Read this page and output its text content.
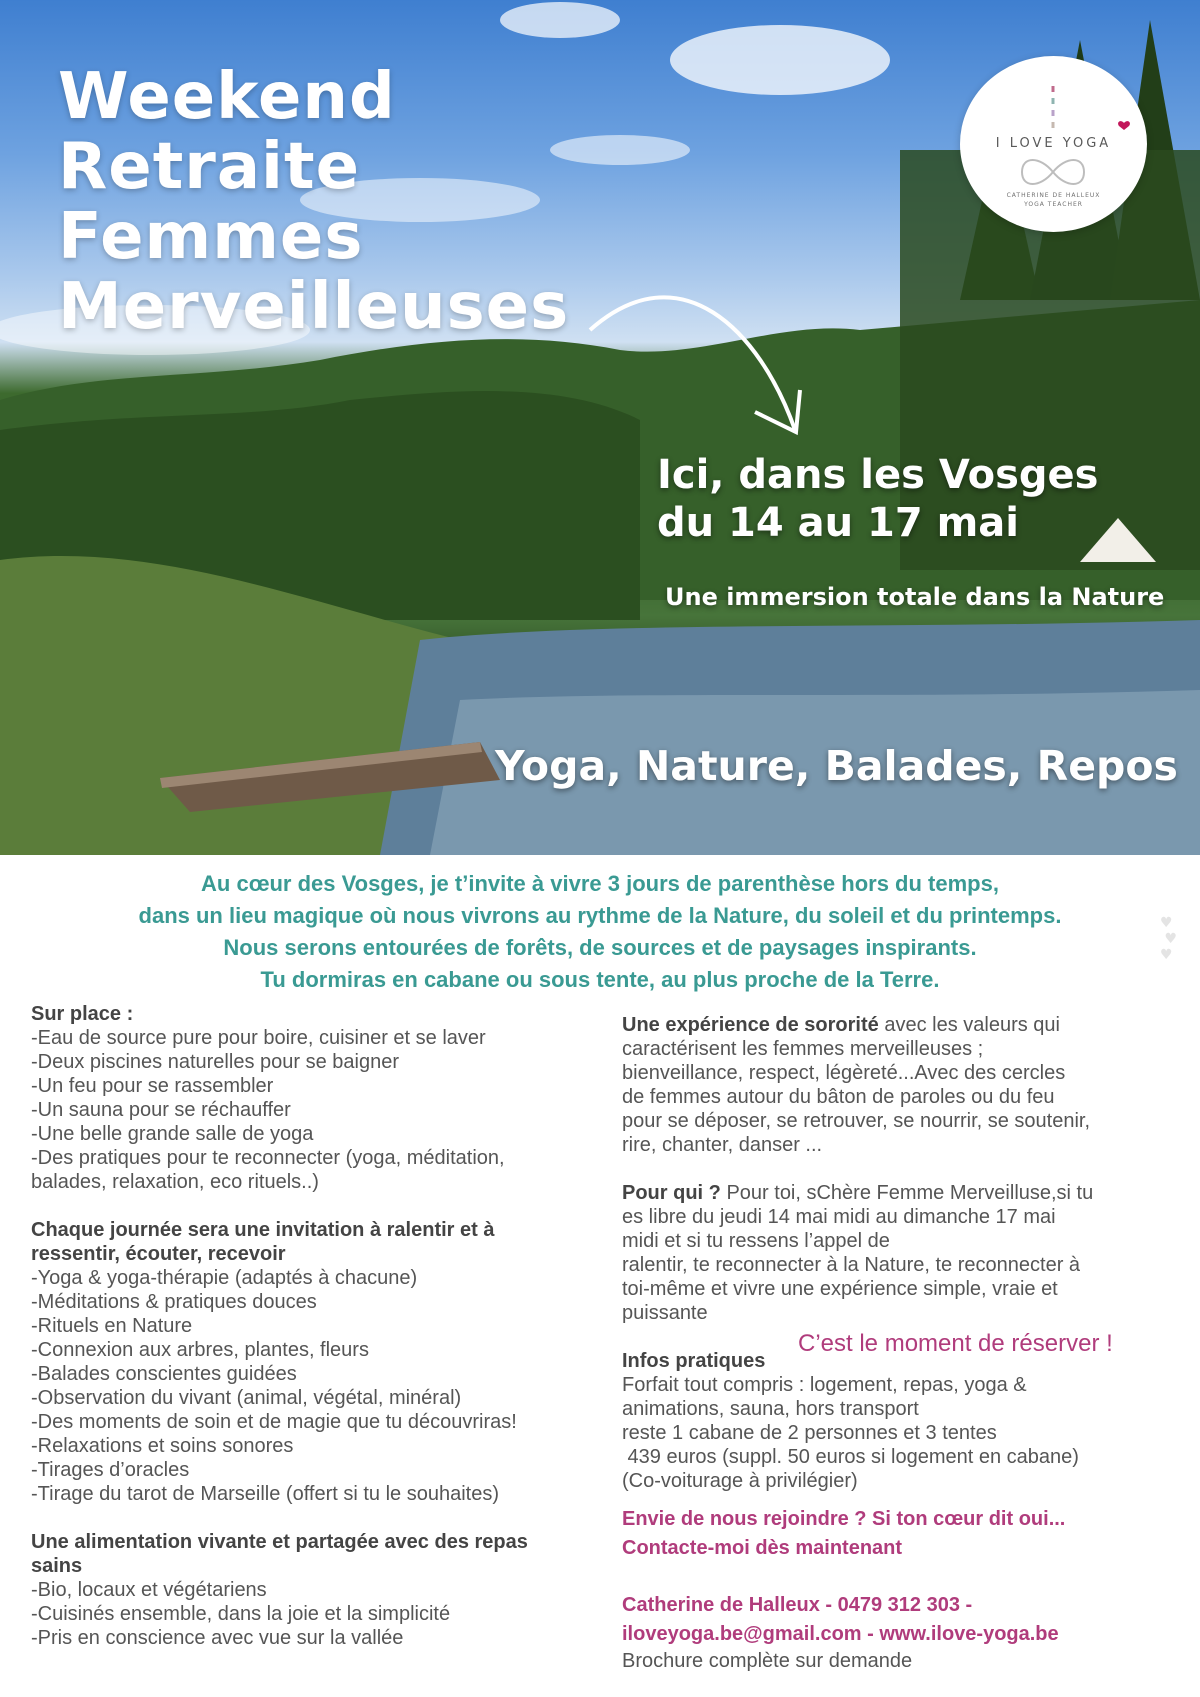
Weekend
Retraite
Femmes
Merveilleuses
I LOVE YOGA
CATHERINE DE HALLEUX
YOGA TEACHER
Ici, dans les Vosges
du 14 au 17 mai
Une immersion totale dans la Nature
Yoga, Nature, Balades, Repos
Au cœur des Vosges, je t’invite à vivre 3 jours de parenthèse hors du temps,
dans un lieu magique où nous vivrons au rythme de la Nature, du soleil et du printemps.
Nous serons entourées de forêts, de sources et de paysages inspirants.
Tu dormiras en cabane ou sous tente, au plus proche de la Terre.
♥
♥
♥
Sur place :
-Eau de source pure pour boire, cuisiner et se laver
-Deux piscines naturelles pour se baigner
-Un feu pour se rassembler
-Un sauna pour se réchauffer
-Une belle grande salle de yoga
-Des pratiques pour te reconnecter (yoga, méditation,
balades, relaxation, eco rituels..)
Chaque journée sera une invitation à ralentir et à
ressentir, écouter, recevoir
-Yoga & yoga-thérapie (adaptés à chacune)
-Méditations & pratiques douces
-Rituels en Nature
-Connexion aux arbres, plantes, fleurs
-Balades conscientes guidées
-Observation du vivant (animal, végétal, minéral)
-Des moments de soin et de magie que tu découvriras!
-Relaxations et soins sonores
-Tirages d’oracles
-Tirage du tarot de Marseille (offert si tu le souhaites)
Une alimentation vivante et partagée avec des repas
sains
-Bio, locaux et végétariens
-Cuisinés ensemble, dans la joie et la simplicité
-Pris en conscience avec vue sur la vallée
Une expérience de sororité avec les valeurs qui
caractérisent les femmes merveilleuses ;
bienveillance, respect, légèreté...Avec des cercles
de femmes autour du bâton de paroles ou du feu
pour se déposer, se retrouver, se nourrir, se soutenir,
rire, chanter, danser ...
Pour qui ? Pour toi, sChère Femme Merveilluse,si tu
es libre du jeudi 14 mai midi au dimanche 17 mai
midi et si tu ressens l’appel de
ralentir, te reconnecter à la Nature, te reconnecter à
toi-même et vivre une expérience simple, vraie et
puissante
Infos pratiques
Forfait tout compris : logement, repas, yoga &
animations, sauna, hors transport
reste 1 cabane de 2 personnes et 3 tentes
439 euros (suppl. 50 euros si logement en cabane)
(Co-voiturage à privilégier)
Envie de nous rejoindre ? Si ton cœur dit oui...
Contacte-moi dès maintenant
Catherine de Halleux - 0479 312 303 -
iloveyoga.be@gmail.com - www.ilove-yoga.be
Brochure complète sur demande
C’est le moment de réserver !
